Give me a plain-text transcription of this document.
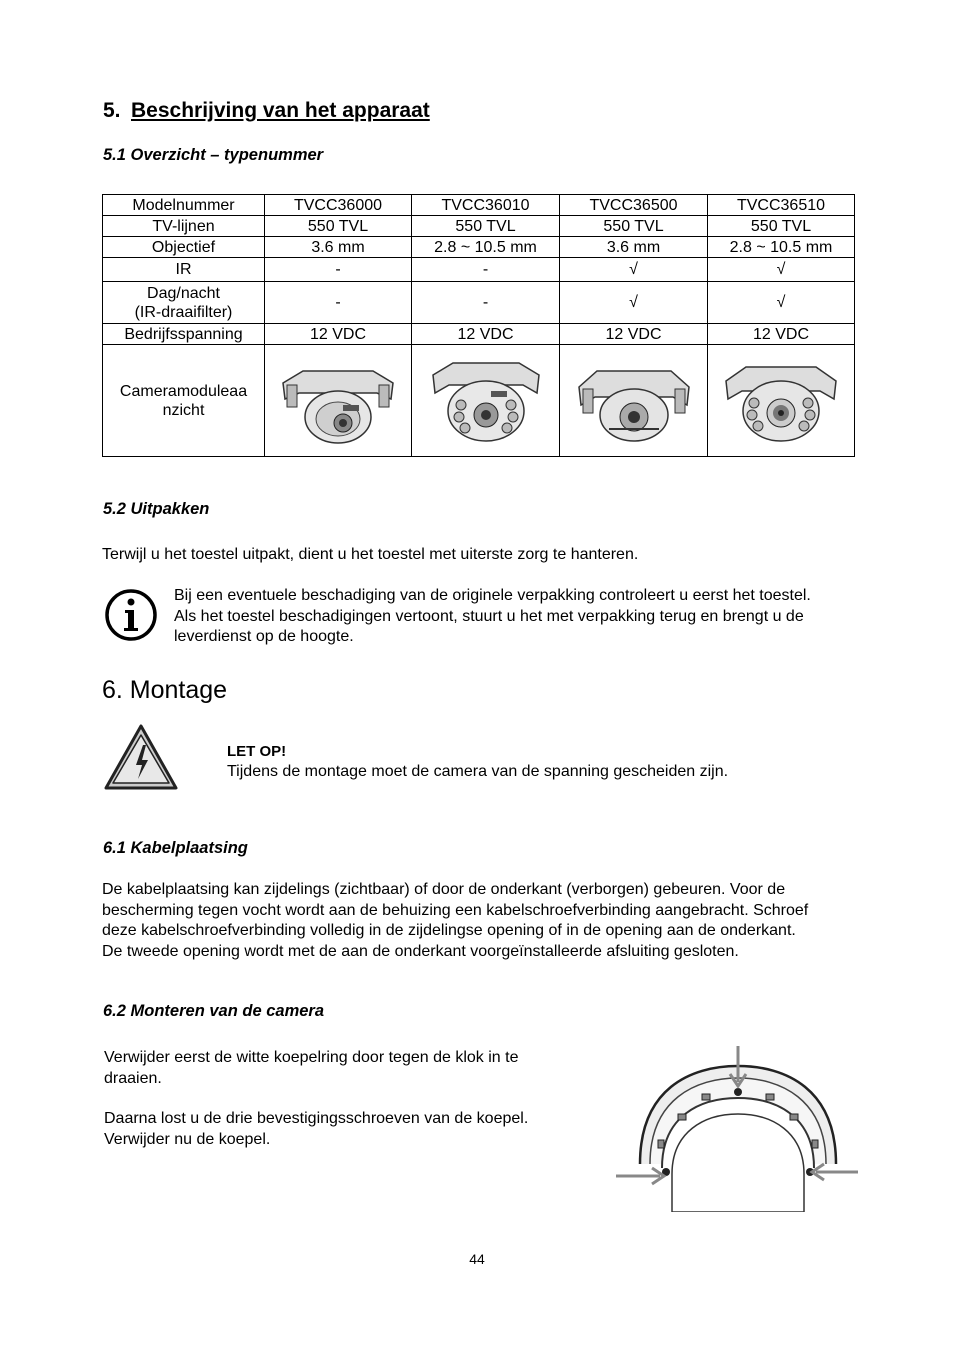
5. Beschrijving van het apparaat
5.1 Overzicht – typenummer
Modelnummer	TVCC36000	TVCC36010	TVCC36500	TVCC36510
TV-lijnen	550 TVL	550 TVL	550 TVL	550 TVL
Objectief	3.6 mm	2.8 ~ 10.5 mm	3.6 mm	2.8 ~ 10.5 mm
IR	-	-	√	√

Dag/nacht
(IR-draaifilter)	-	-	√	√
Bedrijfsspanning	12 VDC	12 VDC	12 VDC	12 VDC

Cameramoduleaa
nzicht

5.2 Uitpakken
Terwijl u het toestel uitpakt, dient u het toestel met uiterste zorg te hanteren.
Bij een eventuele beschadiging van de originele verpakking controleert u eerst het toestel.
Als het toestel beschadigingen vertoont, stuurt u het met verpakking terug en brengt u de
leverdienst op de hoogte.
6. Montage
LET OP!
Tijdens de montage moet de camera van de spanning gescheiden zijn.
6.1 Kabelplaatsing
De kabelplaatsing kan zijdelings (zichtbaar) of door de onderkant (verborgen) gebeuren. Voor de
bescherming tegen vocht wordt aan de behuizing een kabelschroefverbinding aangebracht. Schroef
deze kabelschroefverbinding volledig in de zijdelingse opening of in de opening aan de onderkant.
De tweede opening wordt met de aan de onderkant voorgeïnstalleerde afsluiting gesloten.
6.2 Monteren van de camera
Verwijder eerst de witte koepelring door tegen de klok in te
draaien.
Daarna lost u de drie bevestigingsschroeven van de koepel.
Verwijder nu de koepel.
44
